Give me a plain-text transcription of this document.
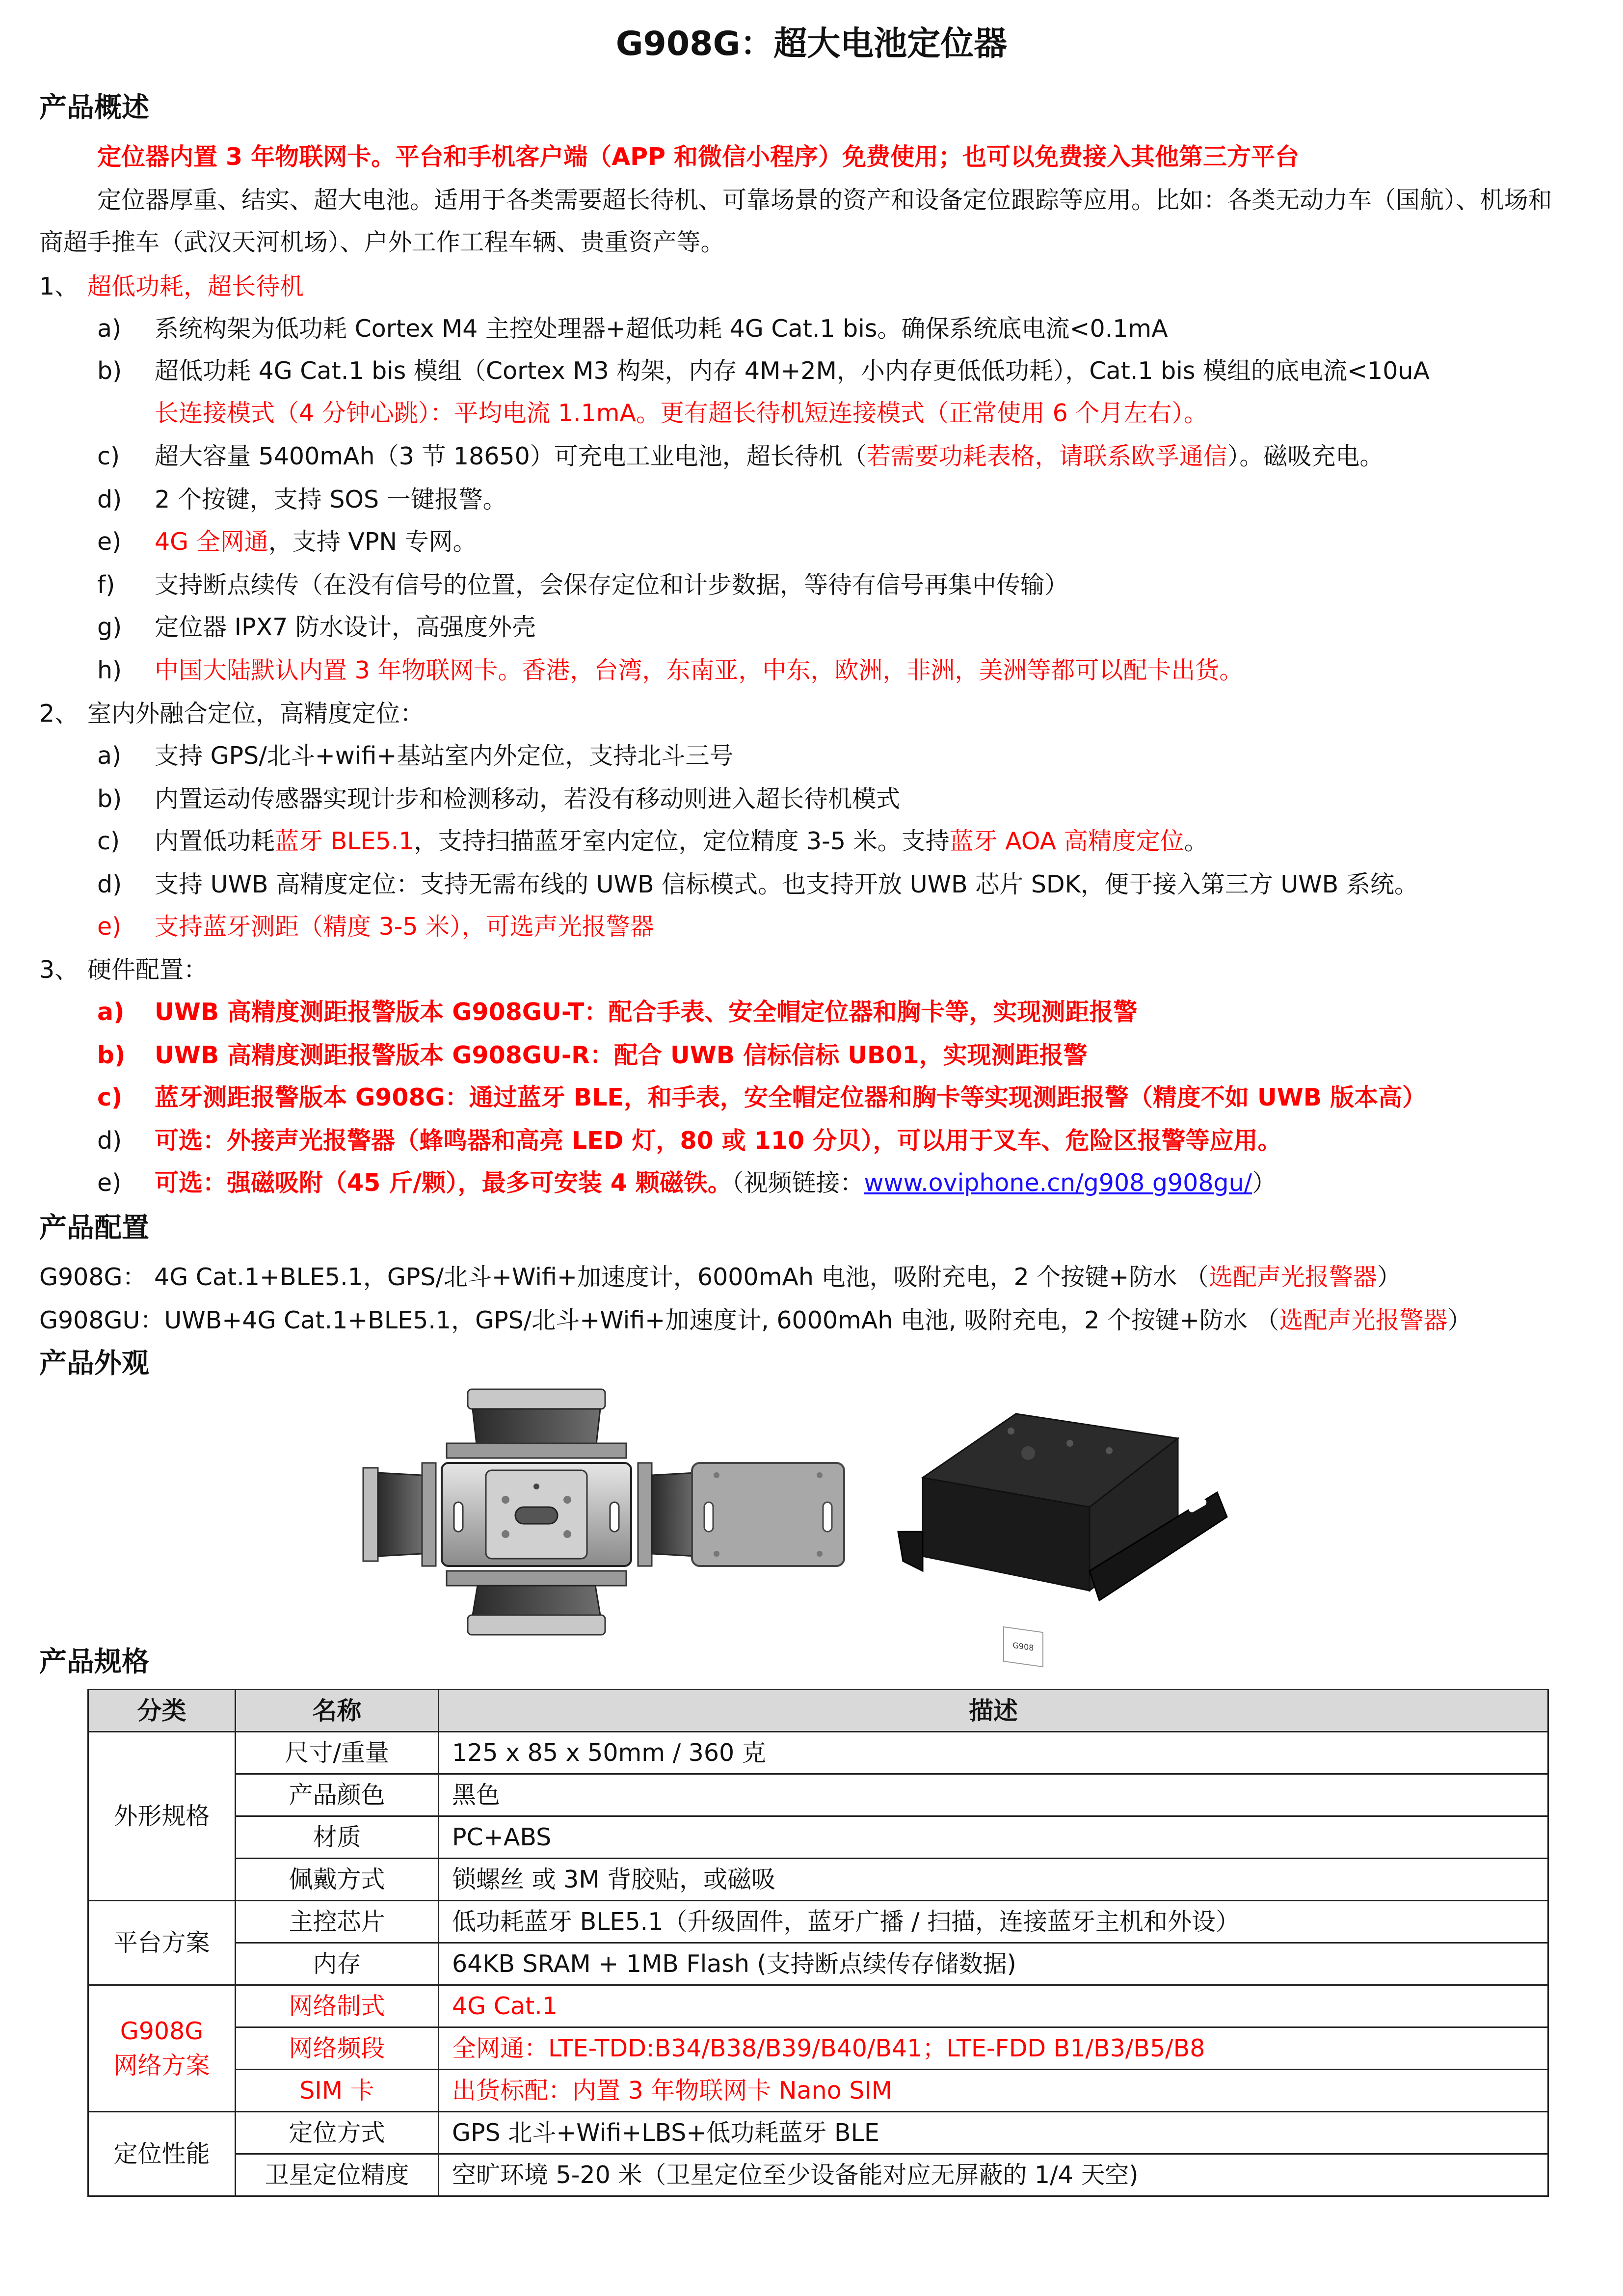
G908G：超大电池定位器
产品概述
定位器内置 3 年物联网卡。平台和手机客户端（APP 和微信小程序）免费使用；也可以免费接入其他第三方平台
定位器厚重、结实、超大电池。适用于各类需要超长待机、可靠场景的资产和设备定位跟踪等应用。比如：各类无动力车（国航）、机场和
商超手推车（武汉天河机场）、户外工作工程车辆、贵重资产等。
1、 超低功耗，超长待机
a) 系统构架为低功耗 Cortex M4 主控处理器+超低功耗 4G Cat.1 bis。确保系统底电流<0.1mA
b) 超低功耗 4G Cat.1 bis 模组（Cortex M3 构架，内存 4M+2M，小内存更低低功耗），Cat.1 bis 模组的底电流<10uA
长连接模式（4 分钟心跳）：平均电流 1.1mA。更有超长待机短连接模式（正常使用 6 个月左右）。
c) 超大容量 5400mAh（3 节 18650）可充电工业电池，超长待机（若需要功耗表格，请联系欧孚通信）。磁吸充电。
d) 2 个按键，支持 SOS 一键报警。
e) 4G 全网通，支持 VPN 专网。
f)	支持断点续传（在没有信号的位置，会保存定位和计步数据，等待有信号再集中传输）
g) 定位器 IPX7 防水设计，高强度外壳
h) 中国大陆默认内置 3 年物联网卡。香港，台湾，东南亚，中东，欧洲，非洲，美洲等都可以配卡出货。
2、 室内外融合定位，高精度定位：
a) 支持 GPS/北斗+wifi+基站室内外定位，支持北斗三号
b) 内置运动传感器实现计步和检测移动，若没有移动则进入超长待机模式
c) 内置低功耗蓝牙 BLE5.1，支持扫描蓝牙室内定位，定位精度 3-5 米。支持蓝牙 AOA 高精度定位。
d) 支持 UWB 高精度定位：支持无需布线的 UWB 信标模式。也支持开放 UWB 芯片 SDK，便于接入第三方 UWB 系统。
e) 支持蓝牙测距（精度 3-5 米），可选声光报警器
3、 硬件配置：
a) UWB 高精度测距报警版本 G908GU-T：配合手表、安全帽定位器和胸卡等，实现测距报警
b) UWB 高精度测距报警版本 G908GU-R：配合 UWB 信标信标 UB01，实现测距报警
c) 蓝牙测距报警版本 G908G：通过蓝牙 BLE，和手表，安全帽定位器和胸卡等实现测距报警（精度不如 UWB 版本高）
d) 可选：外接声光报警器（蜂鸣器和高亮 LED 灯，80 或 110 分贝），可以用于叉车、危险区报警等应用。
e) 可选：强磁吸附（45 斤/颗），最多可安装 4 颗磁铁。（视频链接：www.oviphone.cn/g908 g908gu/）
产品配置
G908G： 4G Cat.1+BLE5.1，GPS/北斗+Wifi+加速度计，6000mAh 电池，吸附充电，2 个按键+防水 （选配声光报警器）
G908GU：UWB+4G Cat.1+BLE5.1，GPS/北斗+Wifi+加速度计, 6000mAh 电池, 吸附充电，2 个按键+防水 （选配声光报警器）
产品外观
G908
产品规格
分类	名称	描述
外形规格	尺寸/重量	125 x 85 x 50mm / 360 克
	产品颜色	黑色
	材质	PC+ABS
	佩戴方式	锁螺丝 或 3M 背胶贴，或磁吸
平台方案	主控芯片	低功耗蓝牙 BLE5.1（升级固件，蓝牙广播 / 扫描，连接蓝牙主机和外设）
	内存	64KB SRAM + 1MB Flash (支持断点续传存储数据)
G908G
网络方案	网络制式	4G Cat.1
	网络频段	全网通：LTE-TDD:B34/B38/B39/B40/B41；LTE-FDD B1/B3/B5/B8
	SIM 卡	出货标配：内置 3 年物联网卡 Nano SIM
定位性能	定位方式	GPS 北斗+Wifi+LBS+低功耗蓝牙 BLE
	卫星定位精度	空旷环境 5-20 米（卫星定位至少设备能对应无屏蔽的 1/4 天空)
